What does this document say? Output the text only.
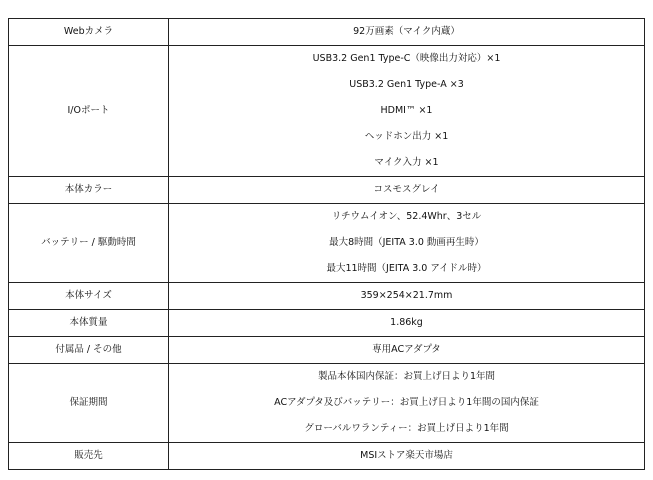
Webカメラ	92万画素（マイク内蔵）

I/Oポート	USB3.2 Gen1 Type-C（映像出力対応）×1
USB3.2 Gen1 Type-A ×3
HDMI™ ×1
ヘッドホン出力 ×1
マイク入力 ×1

本体カラー	コスモスグレイ

バッテリー / 駆動時間	リチウムイオン、52.4Whr、3セル
最大8時間（JEITA 3.0 動画再生時）
最大11時間（JEITA 3.0 アイドル時）

本体サイズ	359×254×21.7mm

本体質量	1.86kg

付属品 / その他	専用ACアダプタ

保証期間	製品本体国内保証：お買上げ日より1年間
ACアダプタ及びバッテリー：お買上げ日より1年間の国内保証
グローバルワランティー：お買上げ日より1年間

販売先	MSIストア楽天市場店
